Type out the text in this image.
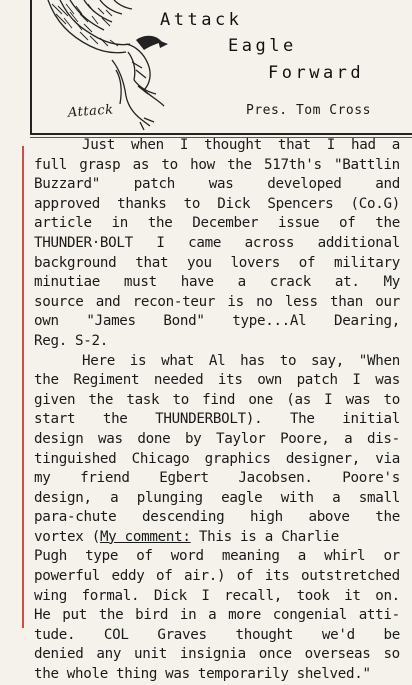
Attack
Attack
Eagle
Forward
Pres. Tom Cross
Just when I thought that I had a
full grasp as to how the 517th's "Battlin
Buzzard" patch was developed and
approved thanks to Dick Spencers (Co.G)
article in the December issue of the
THUNDER·BOLT I came across additional
background that you lovers of military
minutiae must have a crack at. My
source and recon-teur is no less than our
own "James Bond" type...Al Dearing,
Reg. S-2.
Here is what Al has to say, "When
the Regiment needed its own patch I was
given the task to find one (as I was to
start the THUNDERBOLT). The initial
design was done by Taylor Poore, a dis-
tinguished Chicago graphics designer, via
my friend Egbert Jacobsen. Poore's
design, a plunging eagle with a small
para-chute descending high above the
vortex ( My comment: This is a Charlie
Pugh type of word meaning a whirl or
powerful eddy of air.) of its outstretched
wing formal. Dick I recall, took it on.
He put the bird in a more congenial atti-
tude. COL Graves thought we'd be
denied any unit insignia once overseas so
the whole thing was temporarily shelved."
